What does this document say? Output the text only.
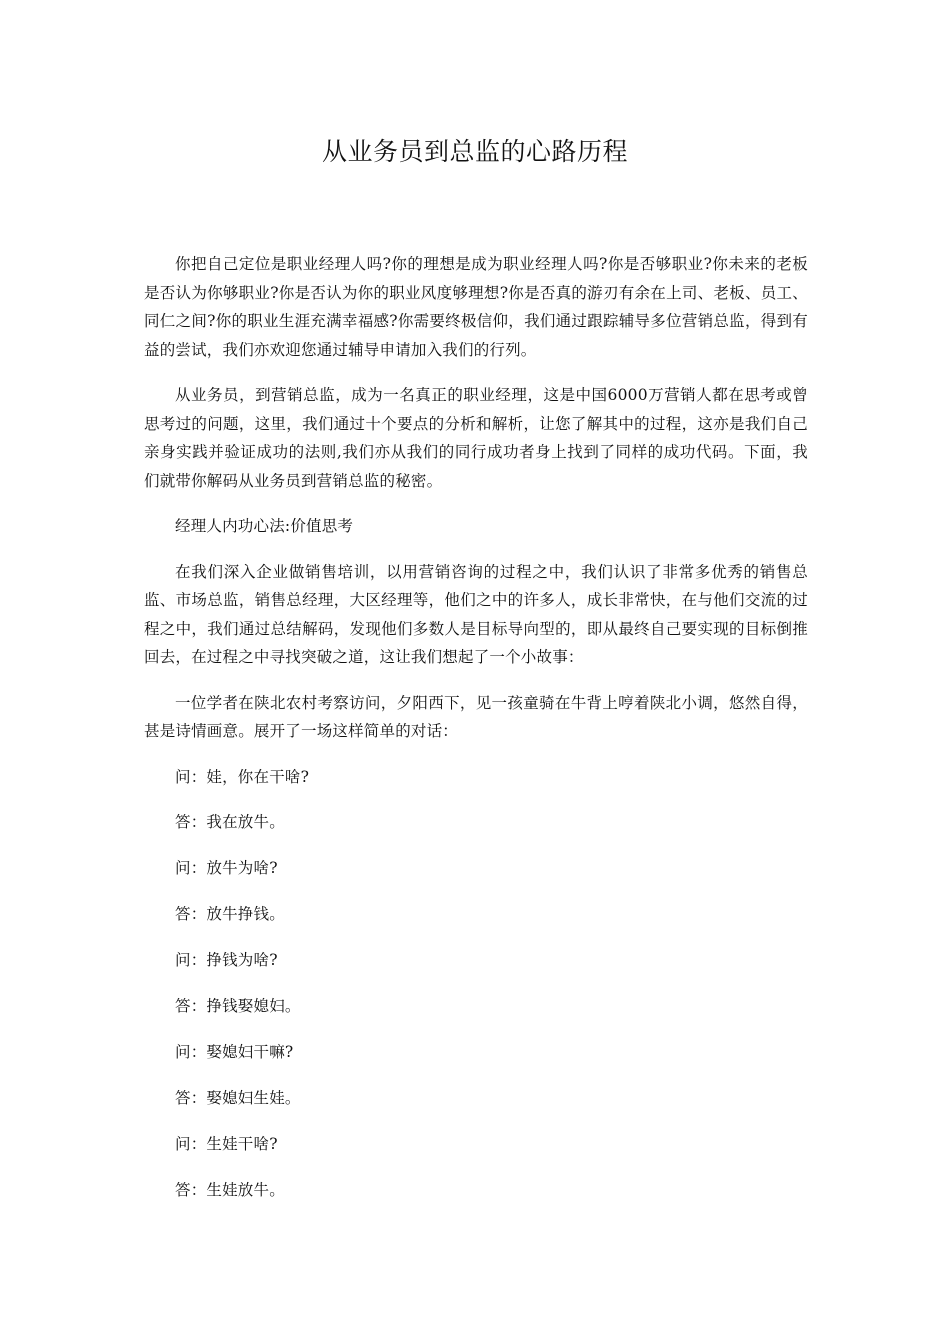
从业务员到总监的心路历程

你把自己定位是职业经理人吗?你的理想是成为职业经理人吗?你是否够职业?你未来的老板是否认为你够职业?你是否认为你的职业风度够理想?你是否真的游刃有余在上司、老板、员工、同仁之间?你的职业生涯充满幸福感?你需要终极信仰，我们通过跟踪辅导多位营销总监，得到有益的尝试，我们亦欢迎您通过辅导申请加入我们的行列。

从业务员，到营销总监，成为一名真正的职业经理，这是中国6000万营销人都在思考或曾思考过的问题，这里，我们通过十个要点的分析和解析，让您了解其中的过程，这亦是我们自己亲身实践并验证成功的法则,我们亦从我们的同行成功者身上找到了同样的成功代码。下面，我们就带你解码从业务员到营销总监的秘密。

经理人内功心法:价值思考

在我们深入企业做销售培训，以用营销咨询的过程之中，我们认识了非常多优秀的销售总监、市场总监，销售总经理，大区经理等，他们之中的许多人，成长非常快，在与他们交流的过程之中，我们通过总结解码，发现他们多数人是目标导向型的，即从最终自己要实现的目标倒推回去，在过程之中寻找突破之道，这让我们想起了一个小故事：

一位学者在陕北农村考察访问，夕阳西下，见一孩童骑在牛背上哼着陕北小调，悠然自得，甚是诗情画意。展开了一场这样简单的对话：

问：娃，你在干啥?

答：我在放牛。

问：放牛为啥?

答：放牛挣钱。

问：挣钱为啥?

答：挣钱娶媳妇。

问：娶媳妇干嘛?

答：娶媳妇生娃。

问：生娃干啥?

答：生娃放牛。
